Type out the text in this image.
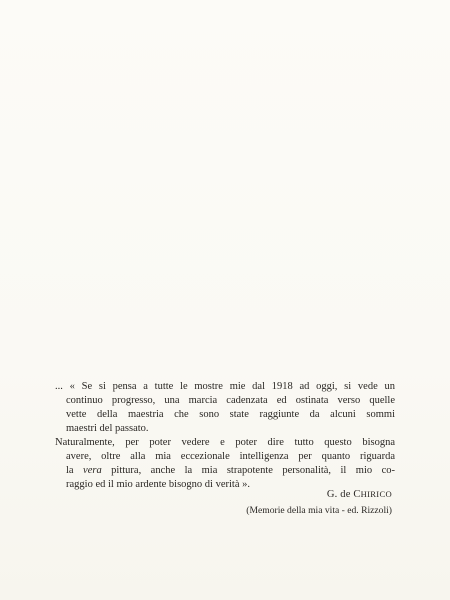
... « Se si pensa a tutte le mostre mie dal 1918 ad oggi, si vede un
continuo progresso, una marcia cadenzata ed ostinata verso quelle
vette della maestria che sono state raggiunte da alcuni sommi
maestri del passato.
Naturalmente, per poter vedere e poter dire tutto questo bisogna
avere, oltre alla mia eccezionale intelligenza per quanto riguarda
la vera pittura, anche la mia strapotente personalità, il mio co-
raggio ed il mio ardente bisogno di verità ».
G. de CHIRICO
(Memorie della mia vita - ed. Rizzoli)
